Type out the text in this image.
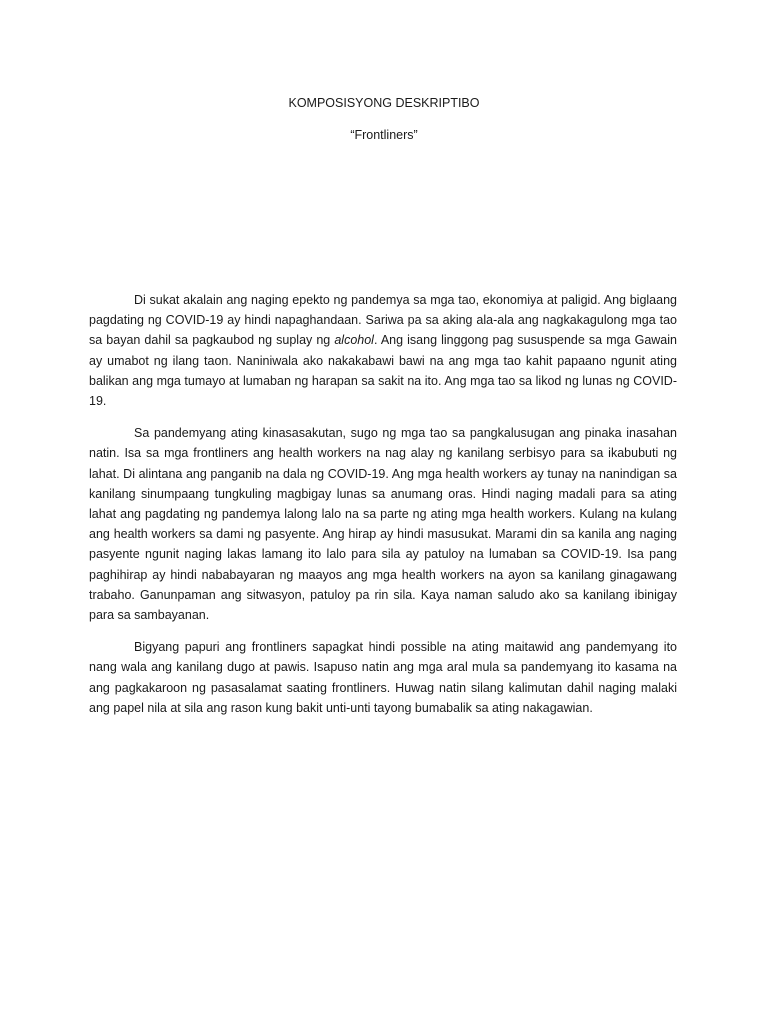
KOMPOSISYONG DESKRIPTIBO
“Frontliners”

Di sukat akalain ang naging epekto ng pandemya sa mga tao, ekonomiya at paligid. Ang biglaang pagdating ng COVID-19 ay hindi napaghandaan. Sariwa pa sa aking ala-ala ang nagkakagulong mga tao sa bayan dahil sa pagkaubod ng suplay ng alcohol. Ang isang linggong pag sususpende sa mga Gawain ay umabot ng ilang taon. Naniniwala ako nakakabawi bawi na ang mga tao kahit papaano ngunit ating balikan ang mga tumayo at lumaban ng harapan sa sakit na ito. Ang mga tao sa likod ng lunas ng COVID-19.

Sa pandemyang ating kinasasakutan, sugo ng mga tao sa pangkalusugan ang pinaka inasahan natin. Isa sa mga frontliners ang health workers na nag alay ng kanilang serbisyo para sa ikabubuti ng lahat. Di alintana ang panganib na dala ng COVID-19. Ang mga health workers ay tunay na nanindigan sa kanilang sinumpaang tungkuling magbigay lunas sa anumang oras. Hindi naging madali para sa ating lahat ang pagdating ng pandemya lalong lalo na sa parte ng ating mga health workers. Kulang na kulang ang health workers sa dami ng pasyente. Ang hirap ay hindi masusukat. Marami din sa kanila ang naging pasyente ngunit naging lakas lamang ito lalo para sila ay patuloy na lumaban sa COVID-19. Isa pang paghihirap ay hindi nababayaran ng maayos ang mga health workers na ayon sa kanilang ginagawang trabaho. Ganunpaman ang sitwasyon, patuloy pa rin sila. Kaya naman saludo ako sa kanilang ibinigay para sa sambayanan.

Bigyang papuri ang frontliners sapagkat hindi possible na ating maitawid ang pandemyang ito nang wala ang kanilang dugo at pawis. Isapuso natin ang mga aral mula sa pandemyang ito kasama na ang pagkakaroon ng pasasalamat saating frontliners. Huwag natin silang kalimutan dahil naging malaki ang papel nila at sila ang rason kung bakit unti-unti tayong bumabalik sa ating nakagawian.
